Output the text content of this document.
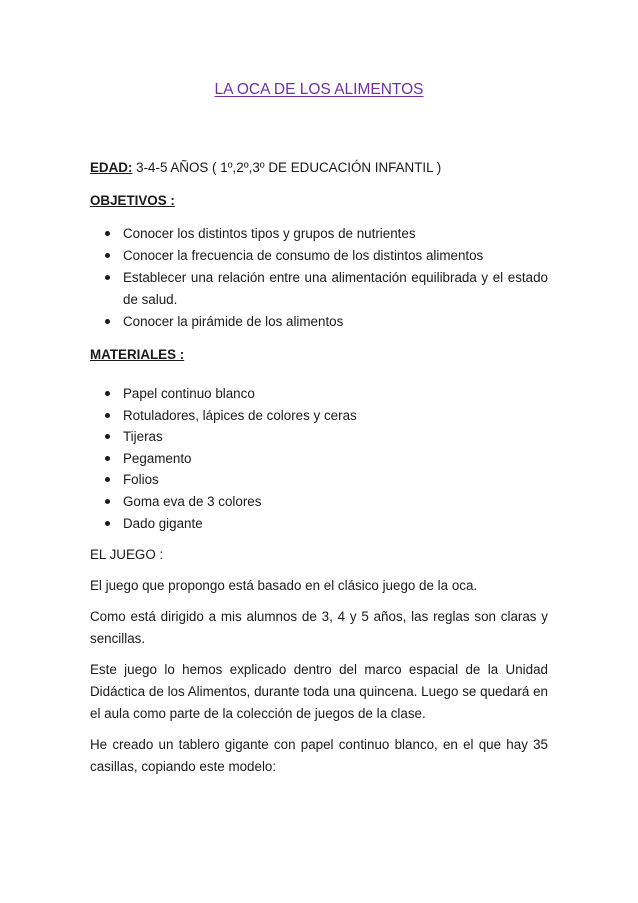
LA OCA DE LOS ALIMENTOS

EDAD: 3-4-5 AÑOS ( 1º,2º,3º DE EDUCACIÓN INFANTIL )

OBJETIVOS :
Conocer los distintos tipos y grupos de nutrientes
Conocer la frecuencia de consumo de los distintos alimentos
Establecer una relación entre una alimentación equilibrada y el estado de salud.
Conocer la pirámide de los alimentos
MATERIALES :
Papel continuo blanco
Rotuladores, lápices de colores y ceras
Tijeras
Pegamento
Folios
Goma eva de 3 colores
Dado gigante

EL JUEGO :

El juego que propongo está basado en el clásico juego de la oca.

Como está dirigido a mis alumnos de 3, 4 y 5 años, las reglas son claras y sencillas.

Este juego lo hemos explicado dentro del marco espacial de la Unidad Didáctica de los Alimentos, durante toda una quincena. Luego se quedará en el aula como parte de la colección de juegos de la clase.

He creado un tablero gigante con papel continuo blanco, en el que hay 35 casillas, copiando este modelo:
